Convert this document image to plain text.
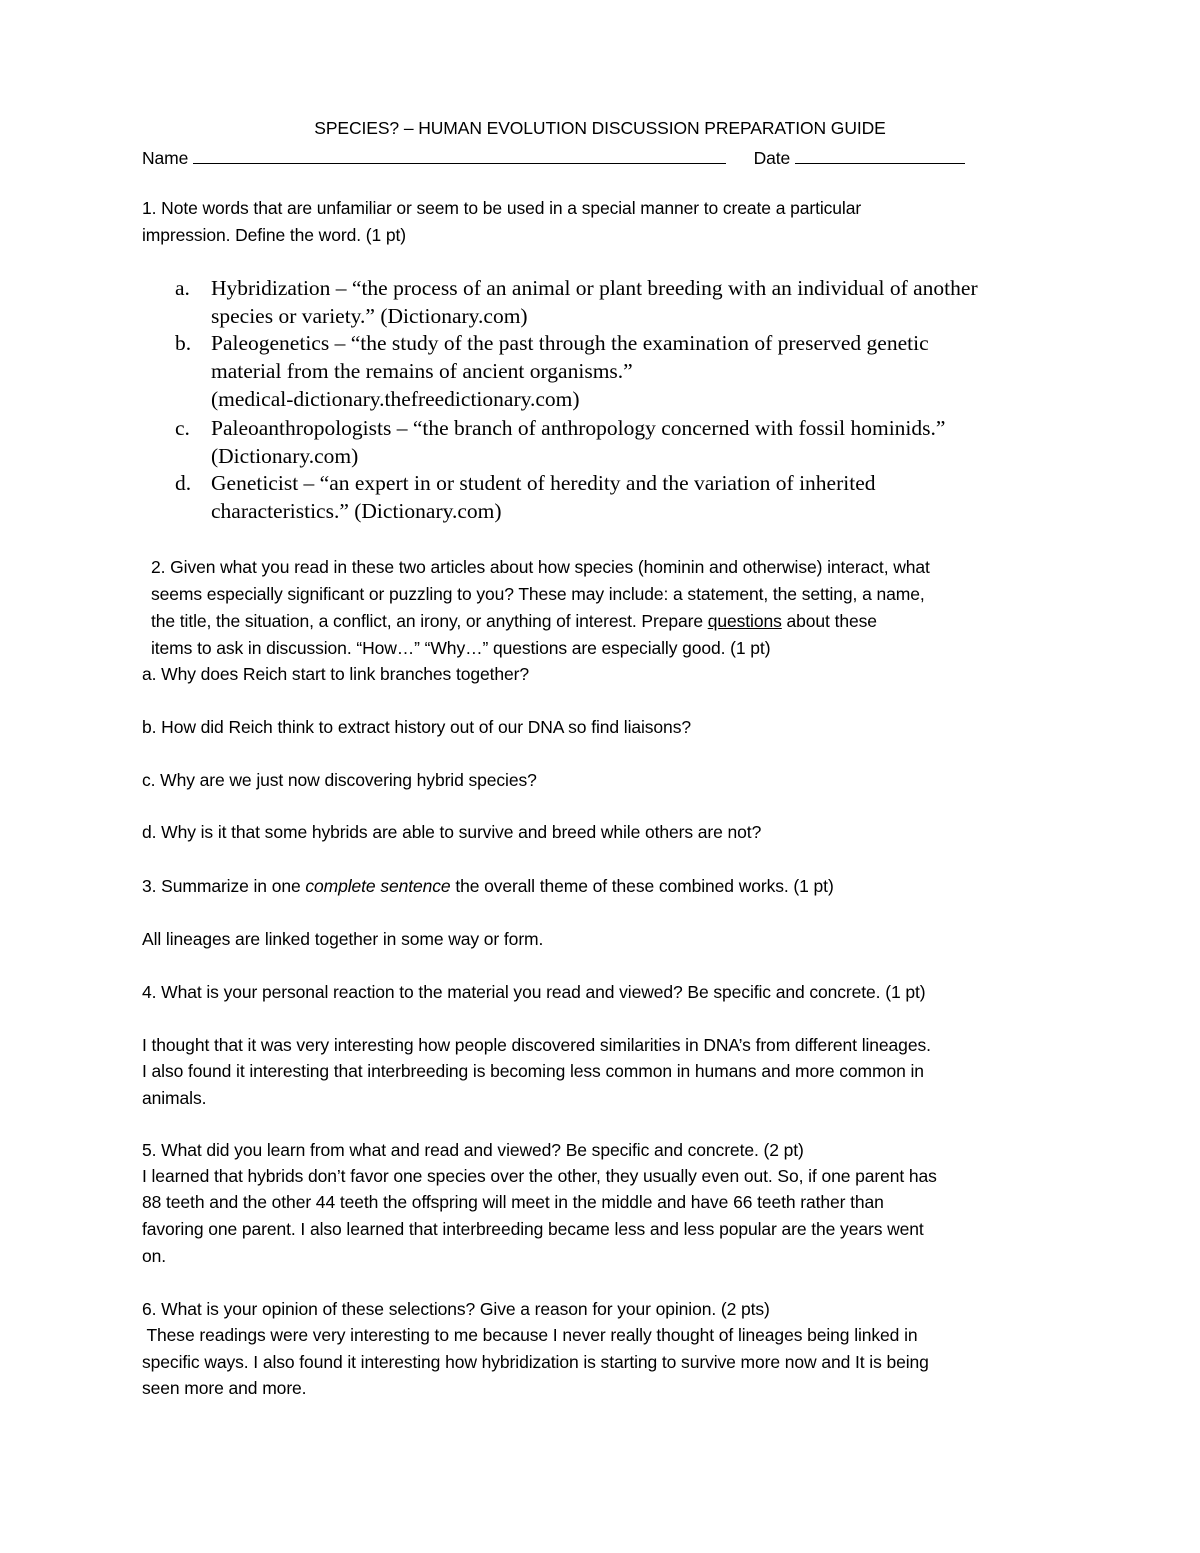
SPECIES? – HUMAN EVOLUTION DISCUSSION PREPARATION GUIDE
Name	Date
1. Note words that are unfamiliar or seem to be used in a special manner to create a particular
impression. Define the word. (1 pt)
a. Hybridization – “the process of an animal or plant breeding with an individual of another
species or variety.” (Dictionary.com)
b. Paleogenetics – “the study of the past through the examination of preserved genetic
material from the remains of ancient organisms.”
(medical-dictionary.thefreedictionary.com)
c. Paleoanthropologists – “the branch of anthropology concerned with fossil hominids.”
(Dictionary.com)
d. Geneticist – “an expert in or student of heredity and the variation of inherited
characteristics.” (Dictionary.com)
2. Given what you read in these two articles about how species (hominin and otherwise) interact, what
seems especially significant or puzzling to you? These may include: a statement, the setting, a name,
the title, the situation, a conflict, an irony, or anything of interest. Prepare questions about these
items to ask in discussion. “How…” “Why…” questions are especially good. (1 pt)
a. Why does Reich start to link branches together?
b. How did Reich think to extract history out of our DNA so find liaisons?
c. Why are we just now discovering hybrid species?
d. Why is it that some hybrids are able to survive and breed while others are not?
3. Summarize in one complete sentence the overall theme of these combined works. (1 pt)
All lineages are linked together in some way or form.
4. What is your personal reaction to the material you read and viewed? Be specific and concrete. (1 pt)
I thought that it was very interesting how people discovered similarities in DNA’s from different lineages.
I also found it interesting that interbreeding is becoming less common in humans and more common in
animals.
5. What did you learn from what and read and viewed? Be specific and concrete. (2 pt)
I learned that hybrids don’t favor one species over the other, they usually even out. So, if one parent has
88 teeth and the other 44 teeth the offspring will meet in the middle and have 66 teeth rather than
favoring one parent. I also learned that interbreeding became less and less popular are the years went
on.
6. What is your opinion of these selections? Give a reason for your opinion. (2 pts)
These readings were very interesting to me because I never really thought of lineages being linked in
specific ways. I also found it interesting how hybridization is starting to survive more now and It is being
seen more and more.
